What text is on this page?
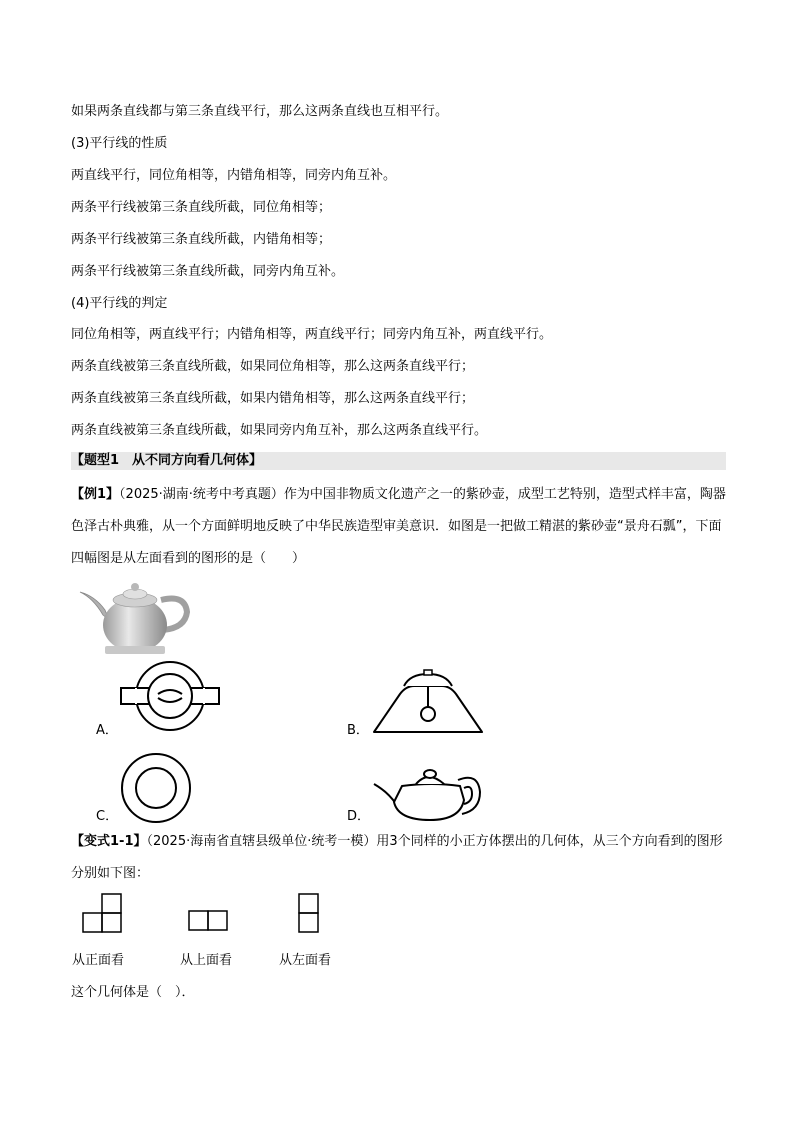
如果两条直线都与第三条直线平行，那么这两条直线也互相平行。
(3)平行线的性质
两直线平行，同位角相等，内错角相等，同旁内角互补。
两条平行线被第三条直线所截，同位角相等；
两条平行线被第三条直线所截，内错角相等；
两条平行线被第三条直线所截，同旁内角互补。
(4)平行线的判定
同位角相等，两直线平行；内错角相等，两直线平行；同旁内角互补，两直线平行。
两条直线被第三条直线所截，如果同位角相等，那么这两条直线平行；
两条直线被第三条直线所截，如果内错角相等，那么这两条直线平行；
两条直线被第三条直线所截，如果同旁内角互补，那么这两条直线平行。
【题型1　从不同方向看几何体】
【例1】（2025·湖南·统考中考真题）作为中国非物质文化遗产之一的紫砂壶，成型工艺特别，造型式样丰富，陶器色泽古朴典雅，从一个方面鲜明地反映了中华民族造型审美意识．如图是一把做工精湛的紫砂壶“景舟石瓢”，下面四幅图是从左面看到的图形的是（　　）
A．	B．
C．	D．
【变式1-1】（2025·海南省直辖县级单位·统考一模）用3个同样的小正方体摆出的几何体，从三个方向看到的图形分别如下图：
从正面看	从上面看	从左面看
这个几何体是（　）．
